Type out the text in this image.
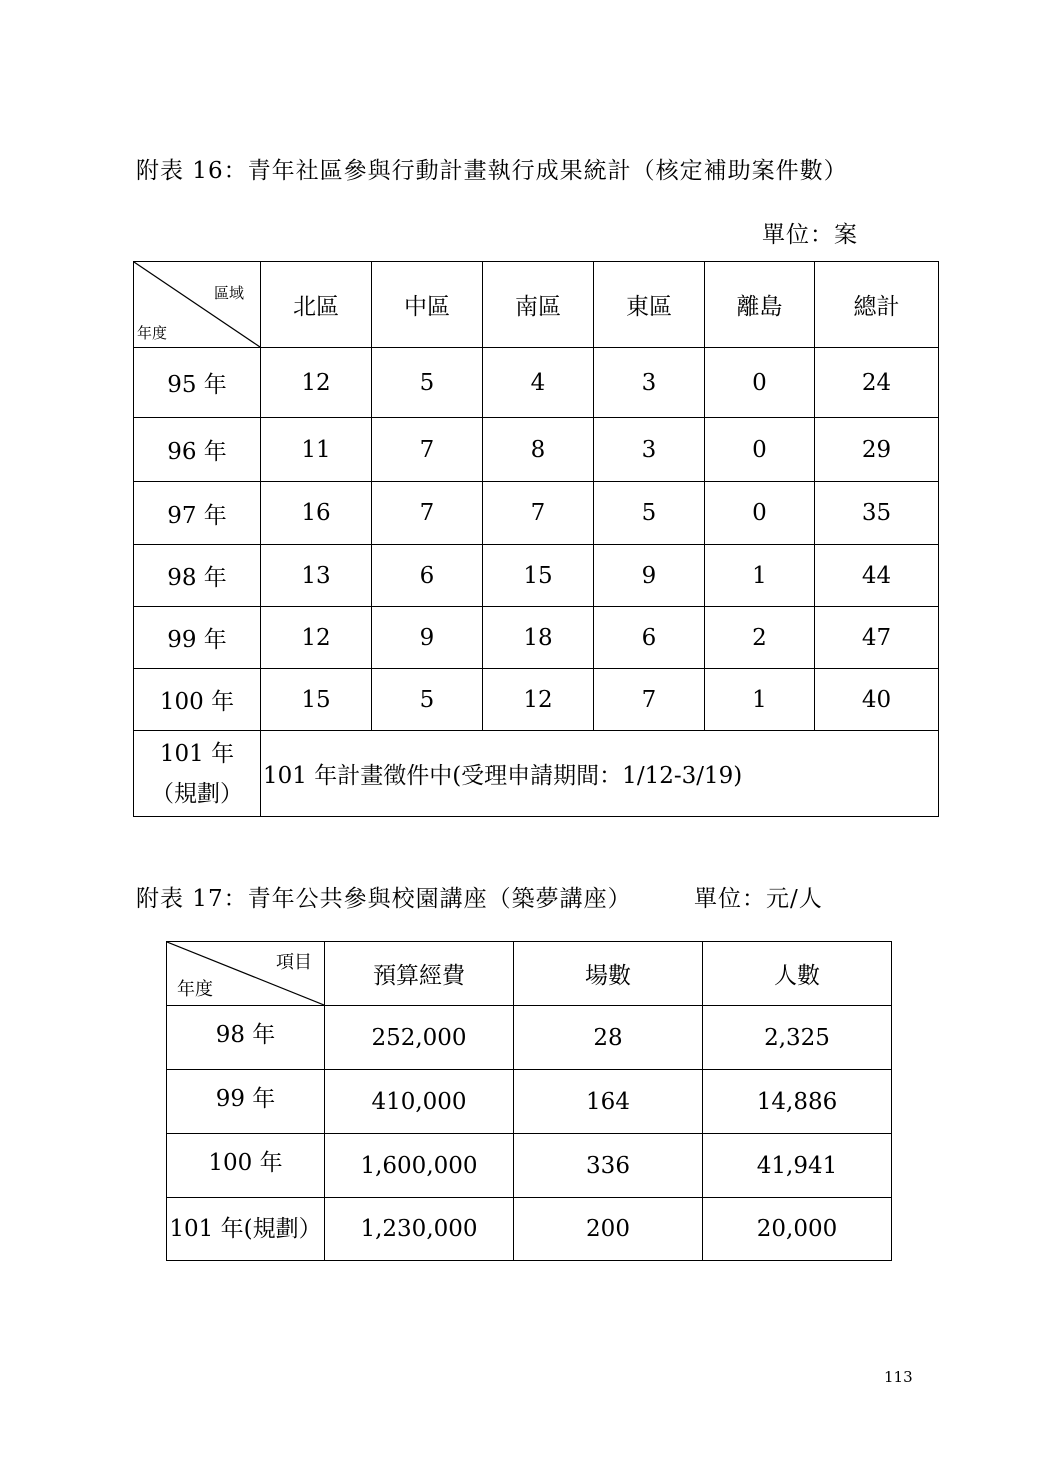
附表 16：青年社區參與行動計畫執行成果統計（核定補助案件數）
單位：案
區域
年度	北區	中區	南區	東區	離島	總計
95 年	12	5	4	3	0	24
96 年	11	7	8	3	0	29
97 年	16	7	7	5	0	35
98 年	13	6	15	9	1	44
99 年	12	9	18	6	2	47
100 年	15	5	12	7	1	40

101 年
（規劃）	101 年計畫徵件中(受理申請期間：1/12-3/19)					
附表 17：青年公共參與校園講座（築夢講座）	單位：元/人
項目
年度	預算經費	場數	人數
98 年	252,000	28	2,325
99 年	410,000	164	14,886
100 年	1,600,000	336	41,941
101 年(規劃）	1,230,000	200	20,000
113
